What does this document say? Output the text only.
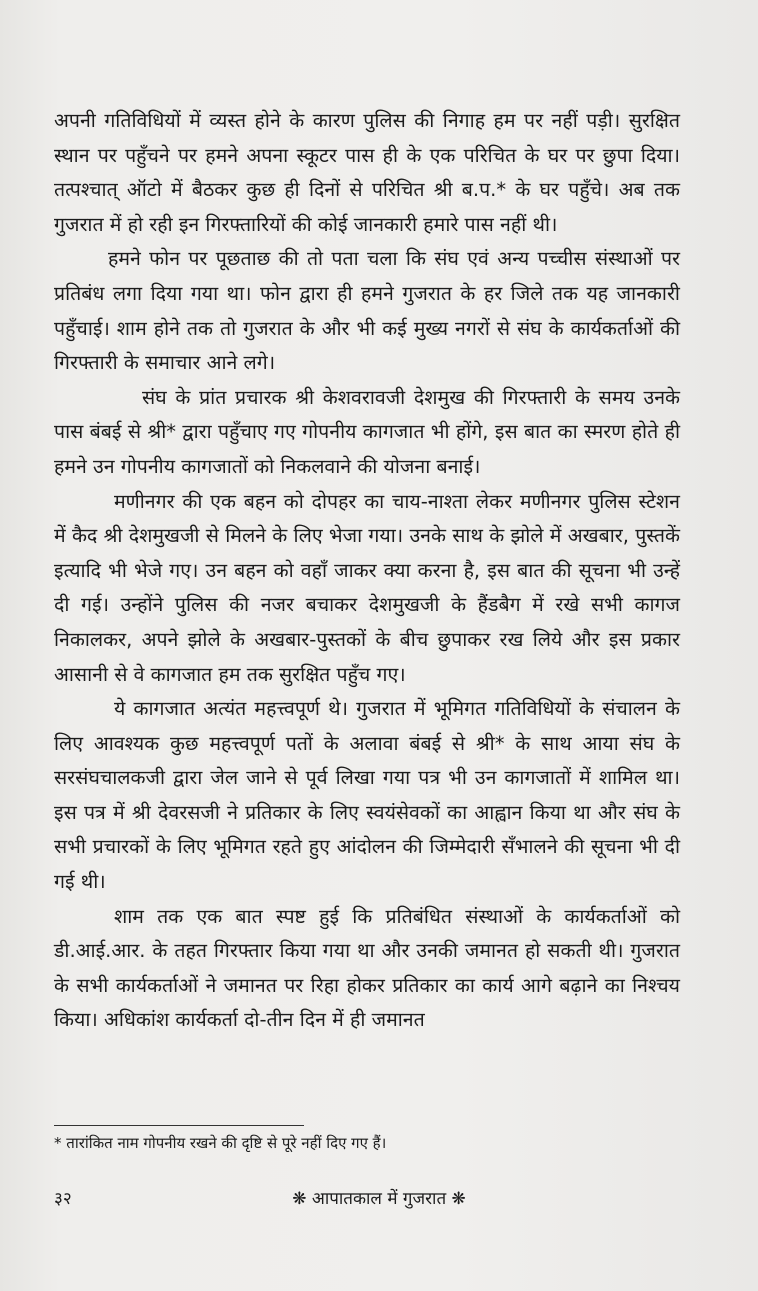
अपनी गतिविधियों में व्यस्त होने के कारण पुलिस की निगाह हम पर नहीं पड़ी। सुरक्षित स्थान पर पहुँचने पर हमने अपना स्कूटर पास ही के एक परिचित के घर पर छुपा दिया। तत्पश्चात् ऑटो में बैठकर कुछ ही दिनों से परिचित श्री ब.प.* के घर पहुँचे। अब तक गुजरात में हो रही इन गिरफ्तारियों की कोई जानकारी हमारे पास नहीं थी।

हमने फोन पर पूछताछ की तो पता चला कि संघ एवं अन्य पच्चीस संस्थाओं पर प्रतिबंध लगा दिया गया था। फोन द्वारा ही हमने गुजरात के हर जिले तक यह जानकारी पहुँचाई। शाम होने तक तो गुजरात के और भी कई मुख्य नगरों से संघ के कार्यकर्ताओं की गिरफ्तारी के समाचार आने लगे।

संघ के प्रांत प्रचारक श्री केशवरावजी देशमुख की गिरफ्तारी के समय उनके पास बंबई से श्री* द्वारा पहुँचाए गए गोपनीय कागजात भी होंगे, इस बात का स्मरण होते ही हमने उन गोपनीय कागजातों को निकलवाने की योजना बनाई।

मणीनगर की एक बहन को दोपहर का चाय-नाश्ता लेकर मणीनगर पुलिस स्टेशन में कैद श्री देशमुखजी से मिलने के लिए भेजा गया। उनके साथ के झोले में अखबार, पुस्तकें इत्यादि भी भेजे गए। उन बहन को वहाँ जाकर क्या करना है, इस बात की सूचना भी उन्हें दी गई। उन्होंने पुलिस की नजर बचाकर देशमुखजी के हैंडबैग में रखे सभी कागज निकालकर, अपने झोले के अखबार-पुस्तकों के बीच छुपाकर रख लिये और इस प्रकार आसानी से वे कागजात हम तक सुरक्षित पहुँच गए।

ये कागजात अत्यंत महत्त्वपूर्ण थे। गुजरात में भूमिगत गतिविधियों के संचालन के लिए आवश्यक कुछ महत्त्वपूर्ण पतों के अलावा बंबई से श्री* के साथ आया संघ के सरसंघचालकजी द्वारा जेल जाने से पूर्व लिखा गया पत्र भी उन कागजातों में शामिल था। इस पत्र में श्री देवरसजी ने प्रतिकार के लिए स्वयंसेवकों का आह्वान किया था और संघ के सभी प्रचारकों के लिए भूमिगत रहते हुए आंदोलन की जिम्मेदारी सँभालने की सूचना भी दी गई थी।

शाम तक एक बात स्पष्ट हुई कि प्रतिबंधित संस्थाओं के कार्यकर्ताओं को डी.आई.आर. के तहत गिरफ्तार किया गया था और उनकी जमानत हो सकती थी। गुजरात के सभी कार्यकर्ताओं ने जमानत पर रिहा होकर प्रतिकार का कार्य आगे बढ़ाने का निश्चय किया। अधिकांश कार्यकर्ता दो-तीन दिन में ही जमानत

* तारांकित नाम गोपनीय रखने की दृष्टि से पूरे नहीं दिए गए हैं।
३२	❋ आपातकाल में गुजरात ❋
